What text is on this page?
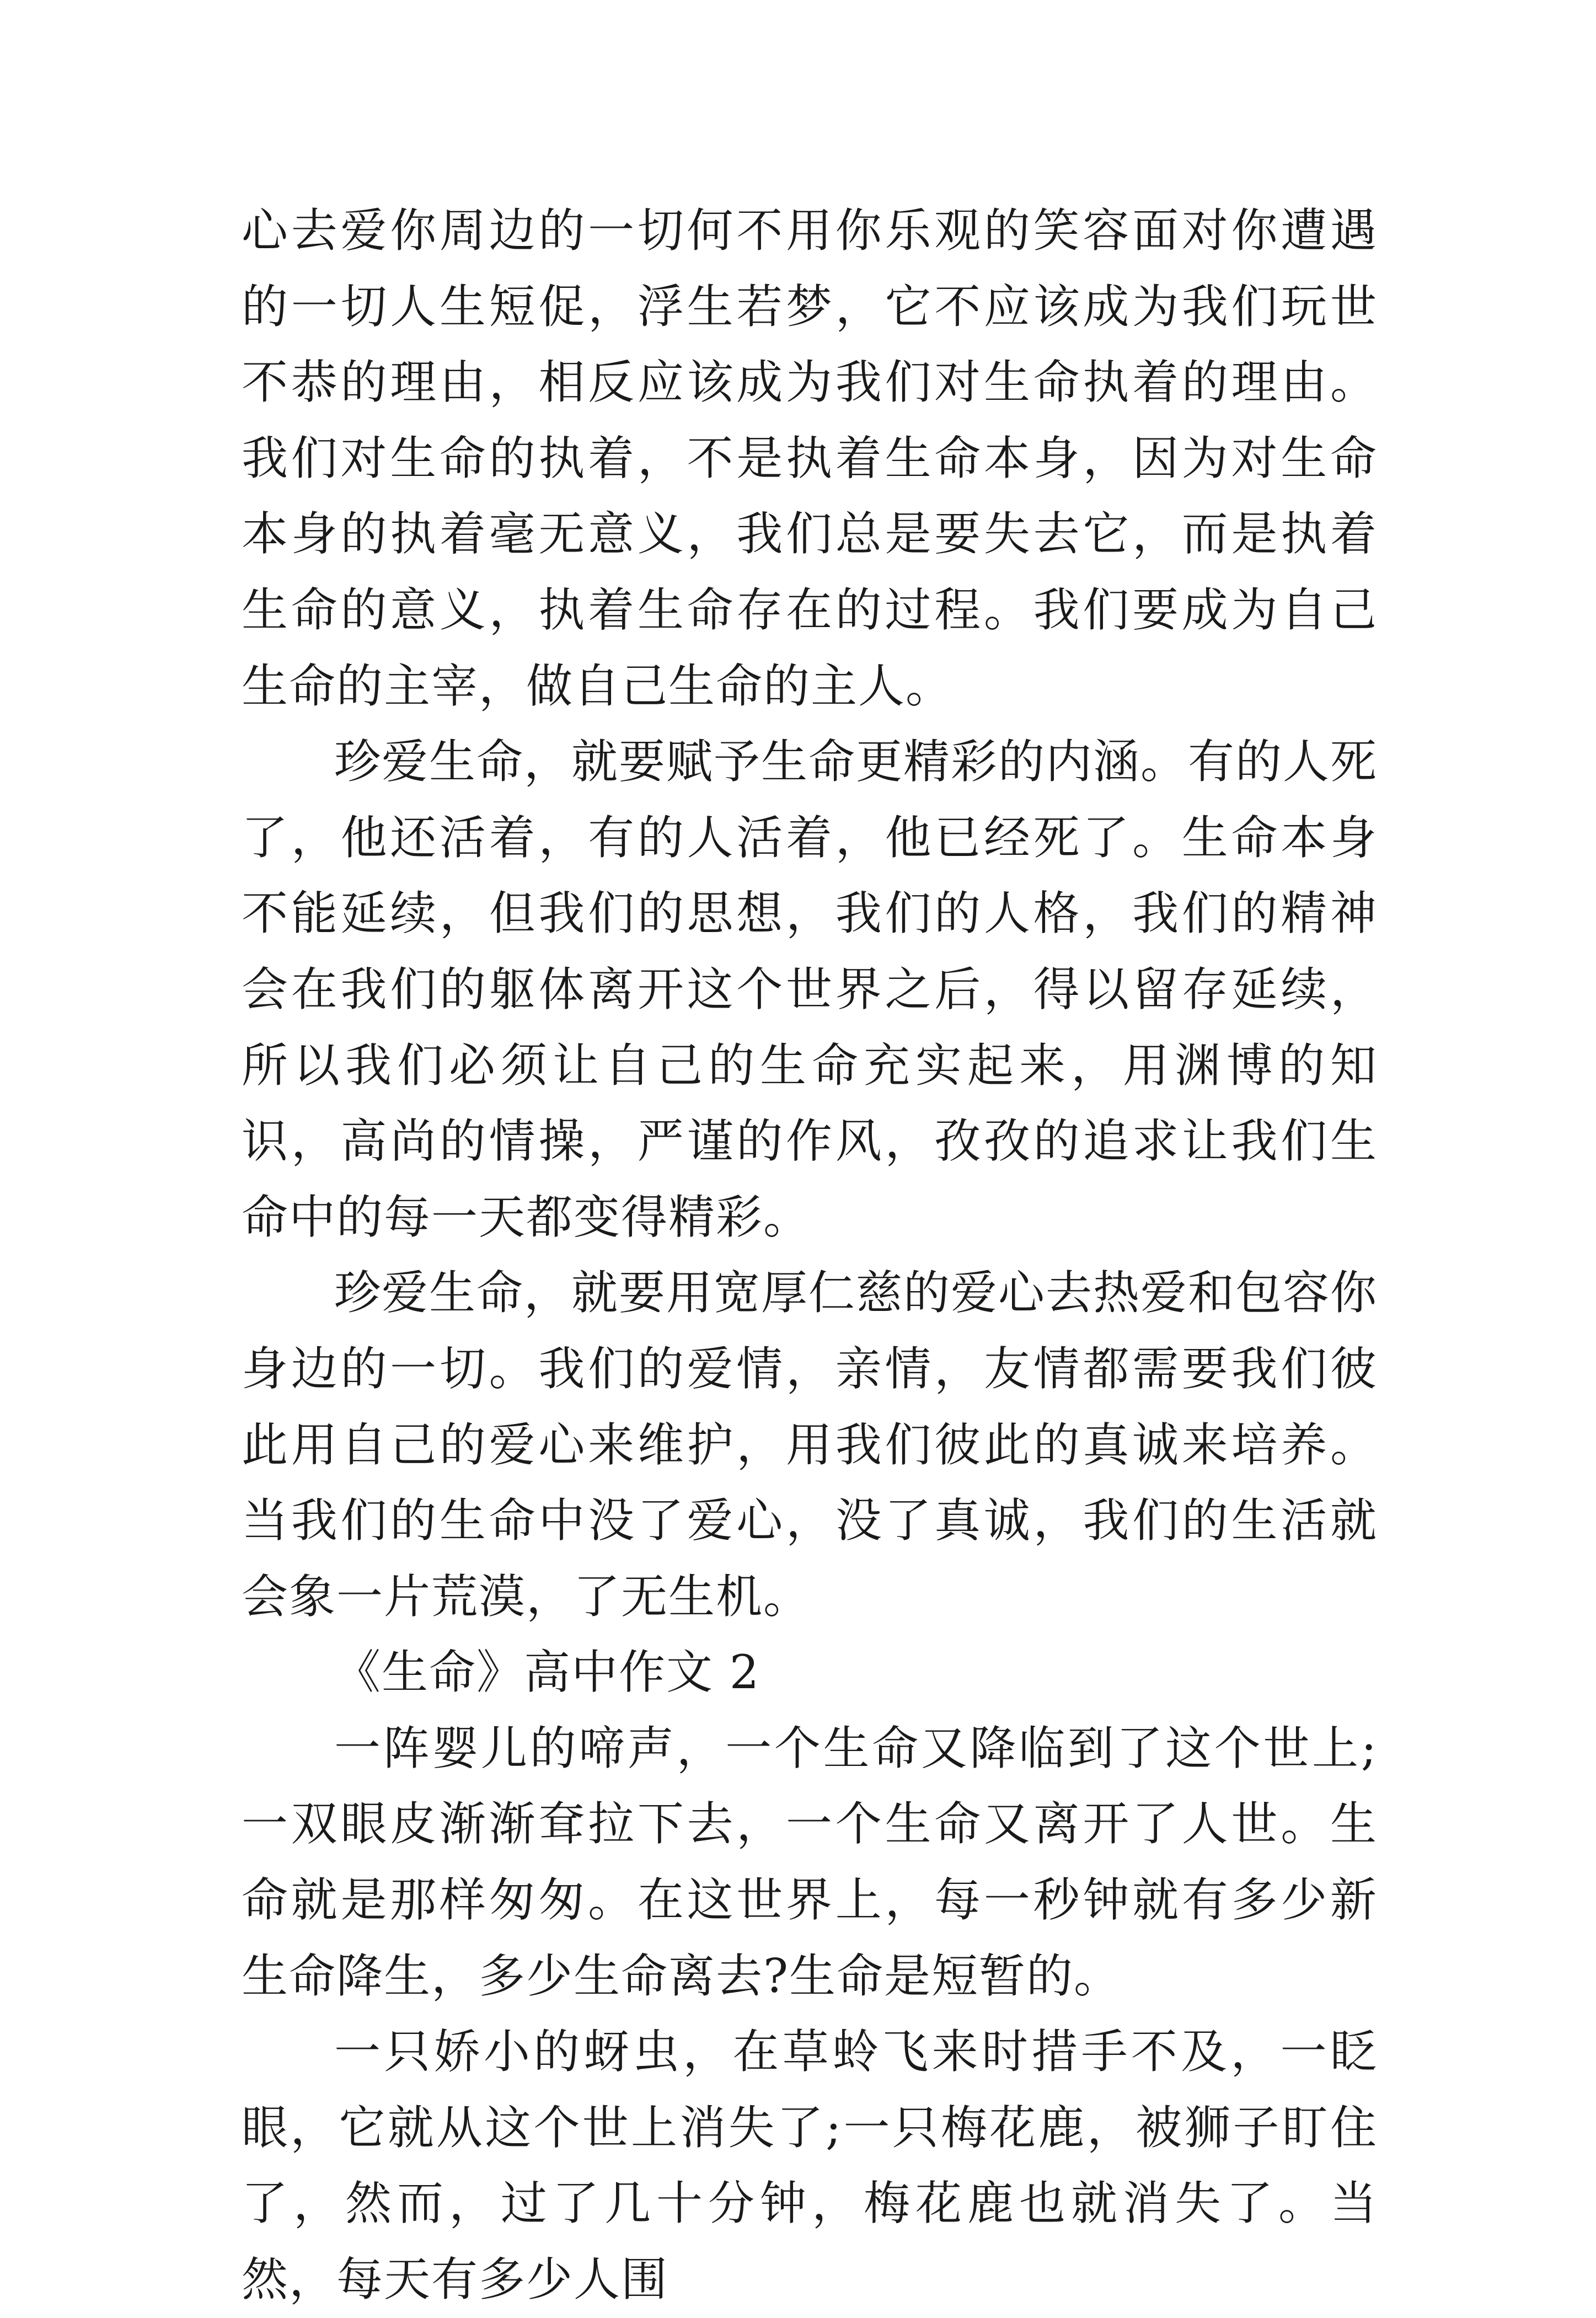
心去爱你周边的一切何不用你乐观的笑容面对你遭遇的一切人生短促，浮生若梦，它不应该成为我们玩世不恭的理由，相反应该成为我们对生命执着的理由。我们对生命的执着，不是执着生命本身，因为对生命本身的执着毫无意义，我们总是要失去它，而是执着生命的意义，执着生命存在的过程。我们要成为自己生命的主宰，做自己生命的主人。

珍爱生命，就要赋予生命更精彩的内涵。有的人死了，他还活着，有的人活着，他已经死了。生命本身不能延续，但我们的思想，我们的人格，我们的精神会在我们的躯体离开这个世界之后，得以留存延续，所以我们必须让自己的生命充实起来，用渊博的知识，高尚的情操，严谨的作风，孜孜的追求让我们生命中的每一天都变得精彩。

珍爱生命，就要用宽厚仁慈的爱心去热爱和包容你身边的一切。我们的爱情，亲情，友情都需要我们彼此用自己的爱心来维护，用我们彼此的真诚来培养。当我们的生命中没了爱心，没了真诚，我们的生活就会象一片荒漠，了无生机。

《生命》高中作文 2

一阵婴儿的啼声，一个生命又降临到了这个世上;一双眼皮渐渐耷拉下去，一个生命又离开了人世。生命就是那样匆匆。在这世界上，每一秒钟就有多少新生命降生，多少生命离去?生命是短暂的。

一只娇小的蚜虫，在草蛉飞来时措手不及，一眨眼，它就从这个世上消失了;一只梅花鹿，被狮子盯住了，然而，过了几十分钟，梅花鹿也就消失了。当然，每天有多少人围
